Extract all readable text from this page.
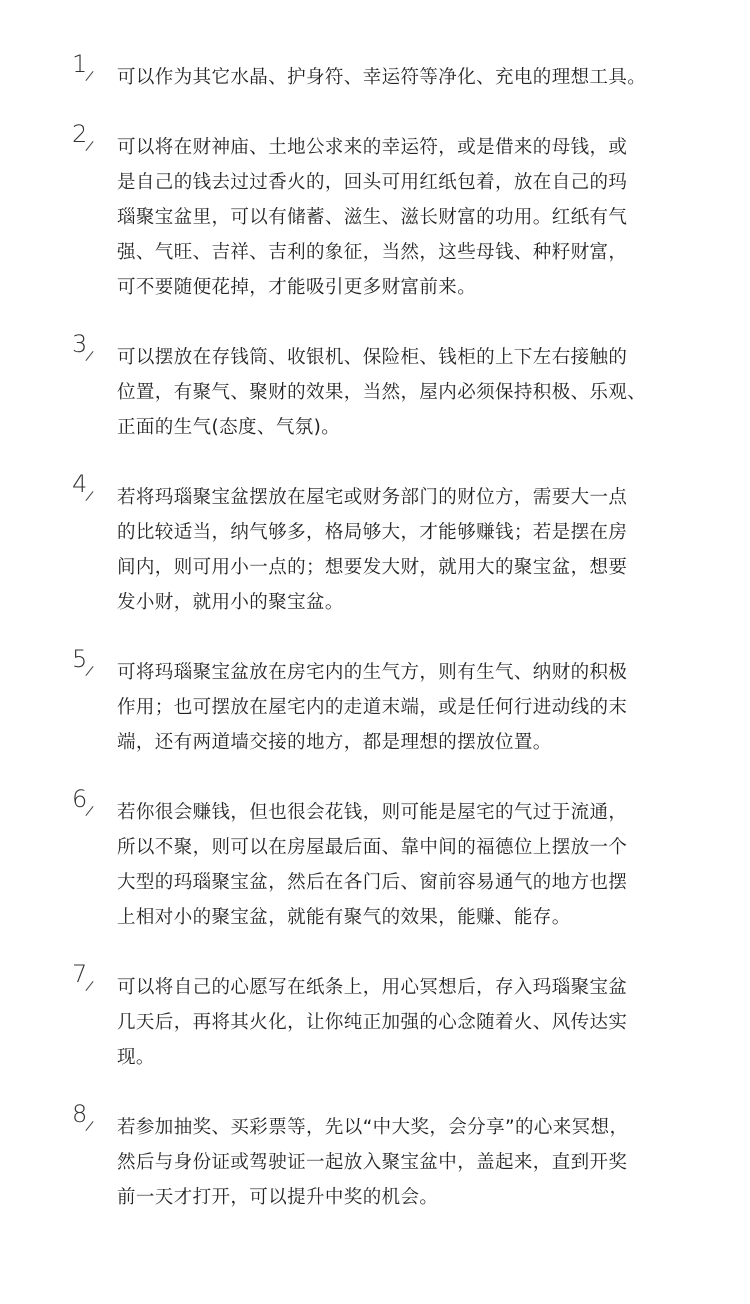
1 可以作为其它水晶、护身符、幸运符等净化、充电的理想工具。
2 可以将在财神庙、土地公求来的幸运符，或是借来的母钱，或
是自己的钱去过过香火的，回头可用红纸包着，放在自己的玛
瑙聚宝盆里，可以有储蓄、滋生、滋长财富的功用。红纸有气
强、气旺、吉祥、吉利的象征，当然，这些母钱、种籽财富，
可不要随便花掉，才能吸引更多财富前来。
3 可以摆放在存钱筒、收银机、保险柜、钱柜的上下左右接触的
位置，有聚气、聚财的效果，当然，屋内必须保持积极、乐观、
正面的生气(态度、气氛)。
4 若将玛瑙聚宝盆摆放在屋宅或财务部门的财位方，需要大一点
的比较适当，纳气够多，格局够大，才能够赚钱；若是摆在房
间内，则可用小一点的；想要发大财，就用大的聚宝盆，想要
发小财，就用小的聚宝盆。
5 可将玛瑙聚宝盆放在房宅内的生气方，则有生气、纳财的积极
作用；也可摆放在屋宅内的走道末端，或是任何行进动线的末
端，还有两道墙交接的地方，都是理想的摆放位置。
6 若你很会赚钱，但也很会花钱，则可能是屋宅的气过于流通，
所以不聚，则可以在房屋最后面、靠中间的福德位上摆放一个
大型的玛瑙聚宝盆，然后在各门后、窗前容易通气的地方也摆
上相对小的聚宝盆，就能有聚气的效果，能赚、能存。
7 可以将自己的心愿写在纸条上，用心冥想后，存入玛瑙聚宝盆
几天后，再将其火化，让你纯正加强的心念随着火、风传达实
现。
8 若参加抽奖、买彩票等，先以“中大奖，会分享”的心来冥想，
然后与身份证或驾驶证一起放入聚宝盆中，盖起来，直到开奖
前一天才打开，可以提升中奖的机会。
